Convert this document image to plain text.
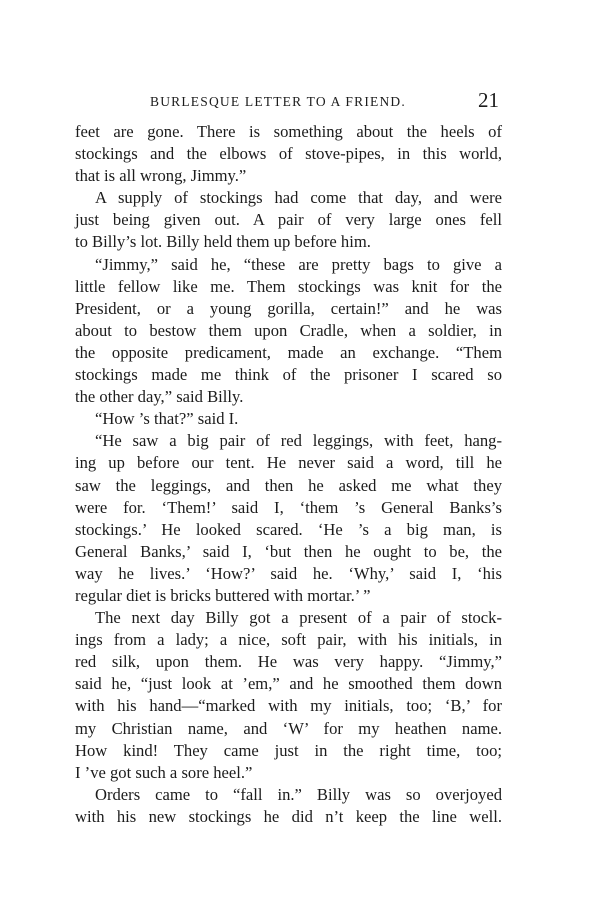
BURLESQUE LETTER TO A FRIEND.	21
feet are gone. There is something about the heels of
stockings and the elbows of stove-pipes, in this world,
that is all wrong, Jimmy.”
A supply of stockings had come that day, and were
just being given out. A pair of very large ones fell
to Billy’s lot. Billy held them up before him.
“Jimmy,” said he, “these are pretty bags to give a
little fellow like me. Them stockings was knit for the
President, or a young gorilla, certain!” and he was
about to bestow them upon Cradle, when a soldier, in
the opposite predicament, made an exchange. “Them
stockings made me think of the prisoner I scared so
the other day,” said Billy.
“How ’s that?” said I.
“He saw a big pair of red leggings, with feet, hang-
ing up before our tent. He never said a word, till he
saw the leggings, and then he asked me what they
were for. ‘Them!’ said I, ‘them ’s General Banks’s
stockings.’ He looked scared. ‘He ’s a big man, is
General Banks,’ said I, ‘but then he ought to be, the
way he lives.’ ‘How?’ said he. ‘Why,’ said I, ‘his
regular diet is bricks buttered with mortar.’ ”
The next day Billy got a present of a pair of stock-
ings from a lady; a nice, soft pair, with his initials, in
red silk, upon them. He was very happy. “Jimmy,”
said he, “just look at ’em,” and he smoothed them down
with his hand—“marked with my initials, too; ‘B,’ for
my Christian name, and ‘W’ for my heathen name.
How kind! They came just in the right time, too;
I ’ve got such a sore heel.”
Orders came to “fall in.” Billy was so overjoyed
with his new stockings he did n’t keep the line well.
